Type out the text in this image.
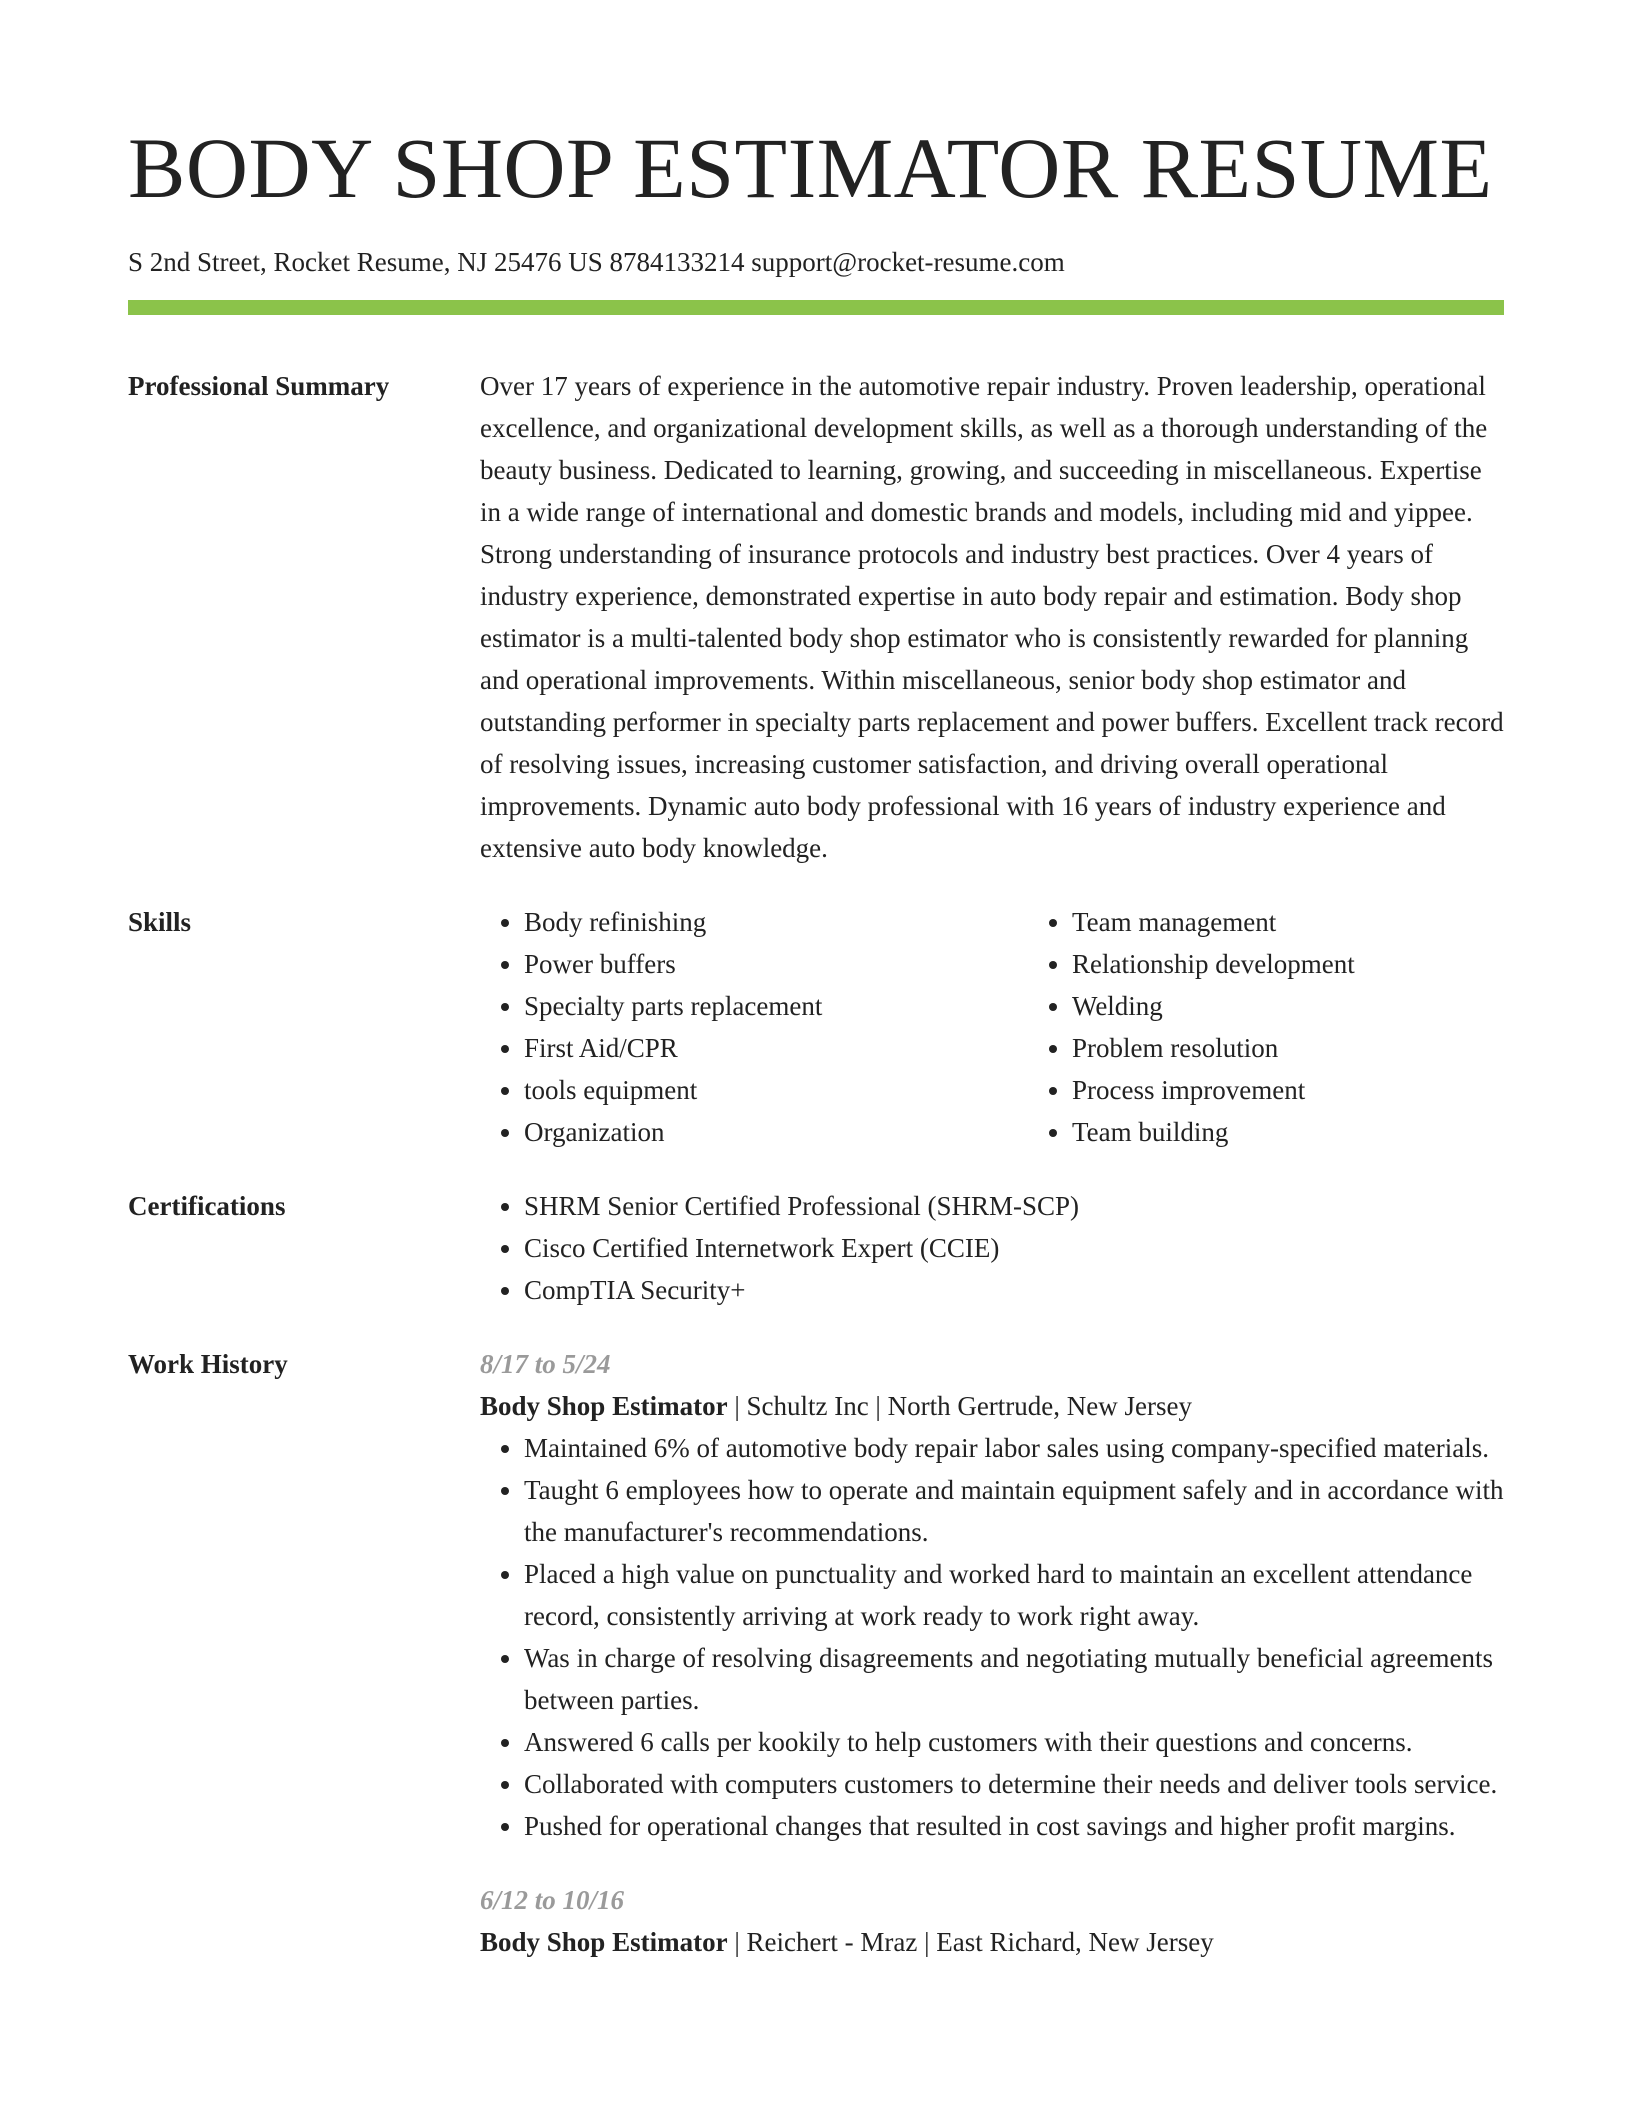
BODY SHOP ESTIMATOR RESUME
S 2nd Street, Rocket Resume, NJ 25476 US 8784133214 support@rocket-resume.com
Professional Summary	Over 17 years of experience in the automotive repair industry. Proven leadership, operational excellence, and organizational development skills, as well as a thorough understanding of the beauty business. Dedicated to learning, growing, and succeeding in miscellaneous. Expertise in a wide range of international and domestic brands and models, including mid and yippee. Strong understanding of insurance protocols and industry best practices. Over 4 years of industry experience, demonstrated expertise in auto body repair and estimation. Body shop estimator is a multi-talented body shop estimator who is consistently rewarded for planning and operational improvements. Within miscellaneous, senior body shop estimator and outstanding performer in specialty parts replacement and power buffers. Excellent track record of resolving issues, increasing customer satisfaction, and driving overall operational improvements. Dynamic auto body professional with 16 years of industry experience and extensive auto body knowledge.
Skills	• Body refinishing
• Power buffers
• Specialty parts replacement
• First Aid/CPR
• tools equipment
• Organization
• Team management
• Relationship development
• Welding
• Problem resolution
• Process improvement
• Team building
Certifications	• SHRM Senior Certified Professional (SHRM-SCP)
• Cisco Certified Internetwork Expert (CCIE)
• CompTIA Security+
Work History	8/17 to 5/24
Body Shop Estimator | Schultz Inc | North Gertrude, New Jersey
• Maintained 6% of automotive body repair labor sales using company-specified materials.
• Taught 6 employees how to operate and maintain equipment safely and in accordance with the manufacturer's recommendations.
• Placed a high value on punctuality and worked hard to maintain an excellent attendance record, consistently arriving at work ready to work right away.
• Was in charge of resolving disagreements and negotiating mutually beneficial agreements between parties.
• Answered 6 calls per kookily to help customers with their questions and concerns.
• Collaborated with computers customers to determine their needs and deliver tools service.
• Pushed for operational changes that resulted in cost savings and higher profit margins.
6/12 to 10/16
Body Shop Estimator | Reichert - Mraz | East Richard, New Jersey
